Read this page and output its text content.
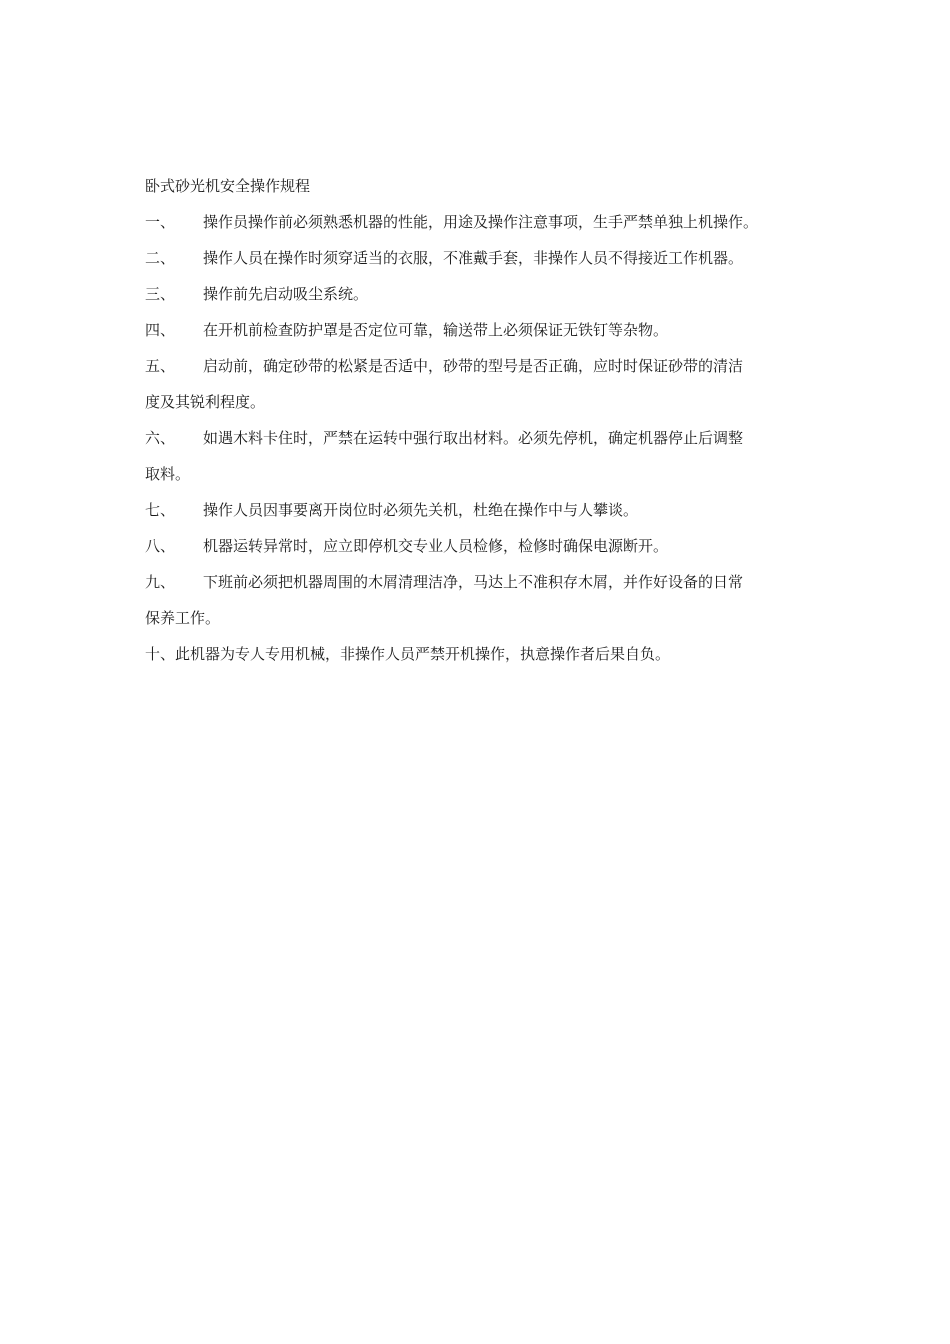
卧式砂光机安全操作规程
一、	操作员操作前必须熟悉机器的性能，用途及操作注意事项，生手严禁单独上机操作。
二、	操作人员在操作时须穿适当的衣服，不准戴手套，非操作人员不得接近工作机器。
三、	操作前先启动吸尘系统。
四、	在开机前检查防护罩是否定位可靠，输送带上必须保证无铁钉等杂物。
五、	启动前，确定砂带的松紧是否适中，砂带的型号是否正确，应时时保证砂带的清洁
度及其锐利程度。
六、	如遇木料卡住时，严禁在运转中强行取出材料。必须先停机，确定机器停止后调整
取料。
七、	操作人员因事要离开岗位时必须先关机，杜绝在操作中与人攀谈。
八、	机器运转异常时，应立即停机交专业人员检修，检修时确保电源断开。
九、	下班前必须把机器周围的木屑清理洁净，马达上不准积存木屑，并作好设备的日常
保养工作。
十、 此机器为专人专用机械，非操作人员严禁开机操作，执意操作者后果自负。
